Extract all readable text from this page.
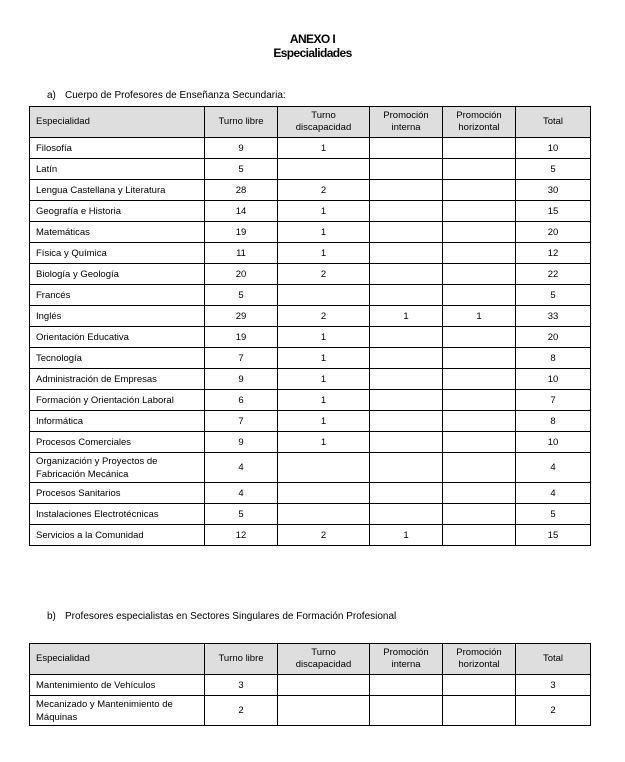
ANEXO I
Especialidades
a) Cuerpo de Profesores de Enseñanza Secundaria:
Especialidad	Turno libre	Turno discapacidad	Promoción interna	Promoción horizontal	Total
Filosofía	9	1			10
Latín	5				5
Lengua Castellana y Literatura	28	2			30
Geografía e Historia	14	1			15
Matemáticas	19	1			20
Física y Química	11	1			12
Biología y Geología	20	2			22
Francés	5				5
Inglés	29	2	1	1	33
Orientación Educativa	19	1			20
Tecnología	7	1			8
Administración de Empresas	9	1			10
Formación y Orientación Laboral	6	1			7
Informática	7	1			8
Procesos Comerciales	9	1			10
Organización y Proyectos de Fabricación Mecánica	4				4
Procesos Sanitarios	4				4
Instalaciones Electrotécnicas	5				5
Servicios a la Comunidad	12	2	1		15
b) Profesores especialistas en Sectores Singulares de Formación Profesional
Especialidad	Turno libre	Turno discapacidad	Promoción interna	Promoción horizontal	Total
Mantenimiento de Vehículos	3				3
Mecanizado y Mantenimiento de Máquinas	2				2
